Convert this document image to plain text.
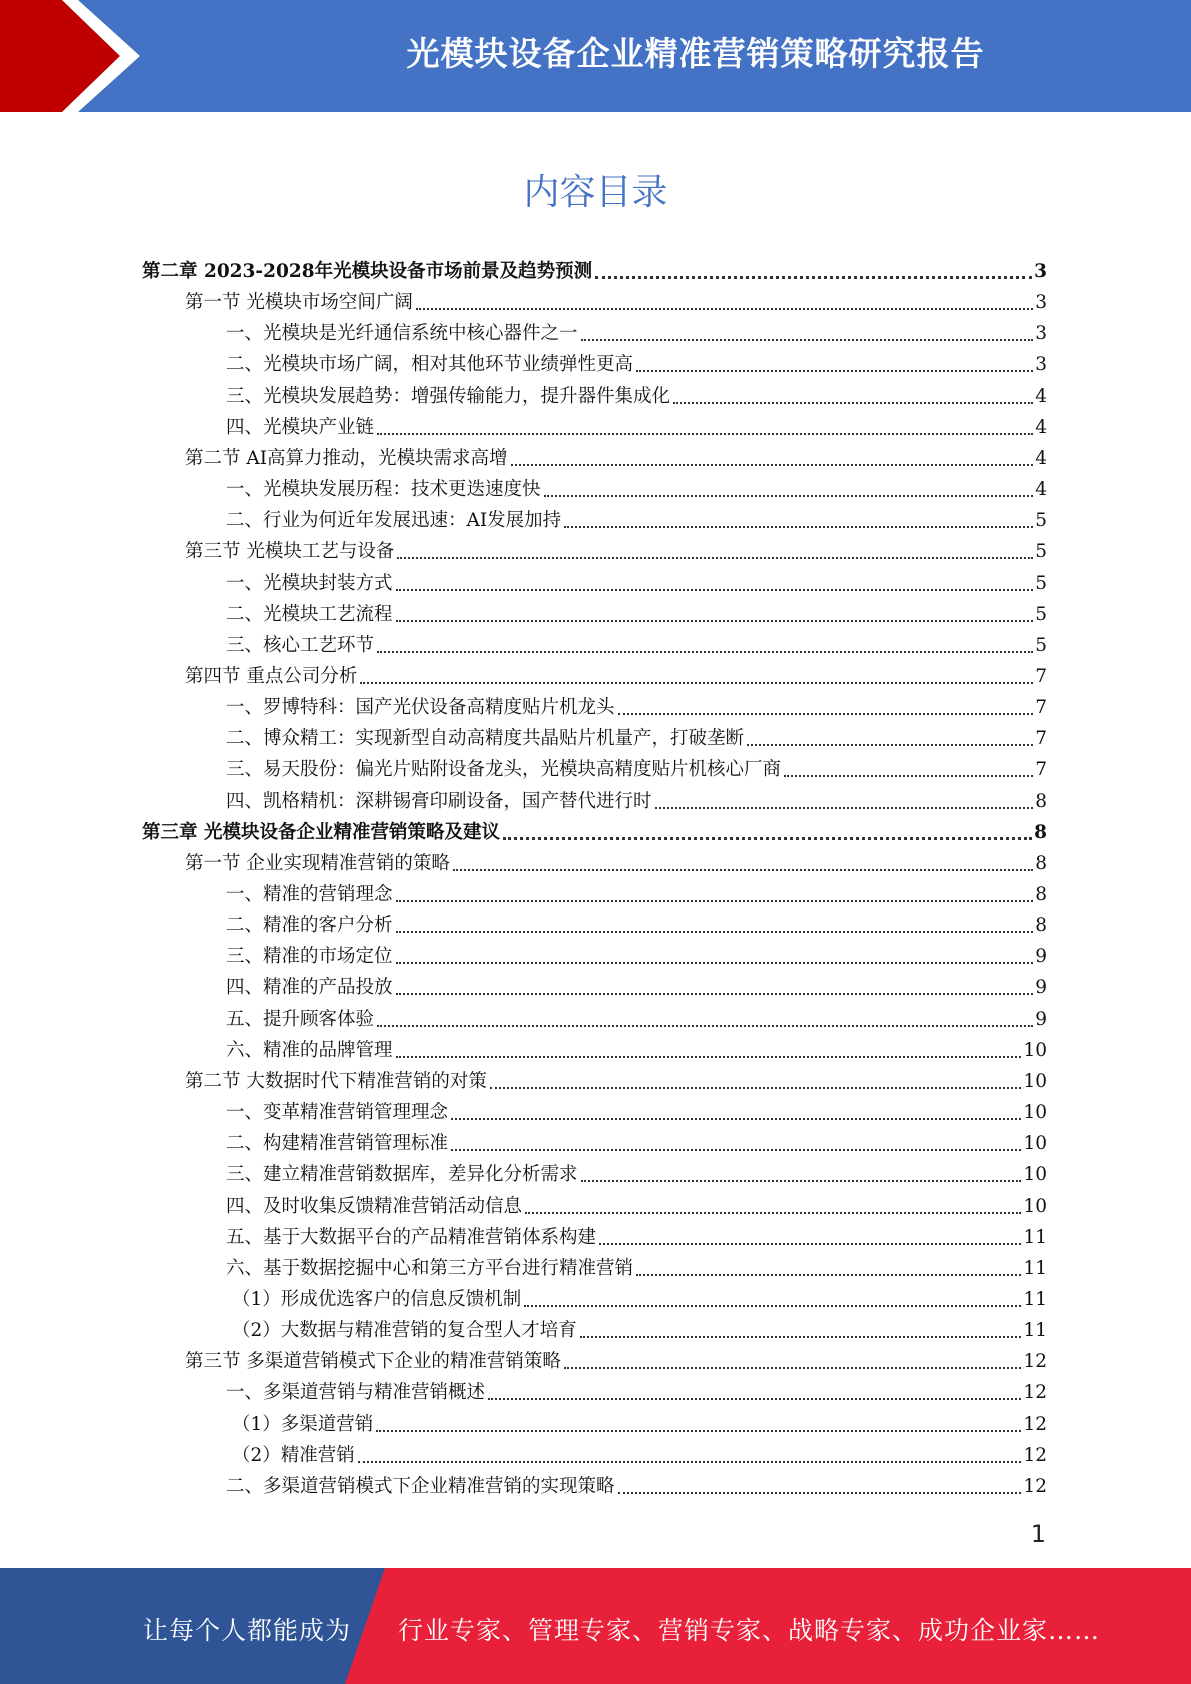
光模块设备企业精准营销策略研究报告
内容目录
第二章 2023-2028年光模块设备市场前景及趋势预测	3
第一节 光模块市场空间广阔	3
一、光模块是光纤通信系统中核心器件之一	3
二、光模块市场广阔，相对其他环节业绩弹性更高	3
三、光模块发展趋势：增强传输能力，提升器件集成化	4
四、光模块产业链	4
第二节 AI高算力推动，光模块需求高增	4
一、光模块发展历程：技术更迭速度快	4
二、行业为何近年发展迅速：AI发展加持	5
第三节 光模块工艺与设备	5
一、光模块封装方式	5
二、光模块工艺流程	5
三、核心工艺环节	5
第四节 重点公司分析	7
一、罗博特科：国产光伏设备高精度贴片机龙头	7
二、博众精工：实现新型自动高精度共晶贴片机量产，打破垄断	7
三、易天股份：偏光片贴附设备龙头，光模块高精度贴片机核心厂商	7
四、凯格精机：深耕锡膏印刷设备，国产替代进行时	8
第三章 光模块设备企业精准营销策略及建议	8
第一节 企业实现精准营销的策略	8
一、精准的营销理念	8
二、精准的客户分析	8
三、精准的市场定位	9
四、精准的产品投放	9
五、提升顾客体验	9
六、精准的品牌管理	10
第二节 大数据时代下精准营销的对策	10
一、变革精准营销管理理念	10
二、构建精准营销管理标准	10
三、建立精准营销数据库，差异化分析需求	10
四、及时收集反馈精准营销活动信息	10
五、基于大数据平台的产品精准营销体系构建	11
六、基于数据挖掘中心和第三方平台进行精准营销	11
（1）形成优选客户的信息反馈机制	11
（2）大数据与精准营销的复合型人才培育	11
第三节 多渠道营销模式下企业的精准营销策略	12
一、多渠道营销与精准营销概述	12
（1）多渠道营销	12
（2）精准营销	12
二、多渠道营销模式下企业精准营销的实现策略	12
1
让每个人都能成为 行业专家、管理专家、营销专家、战略专家、成功企业家……
